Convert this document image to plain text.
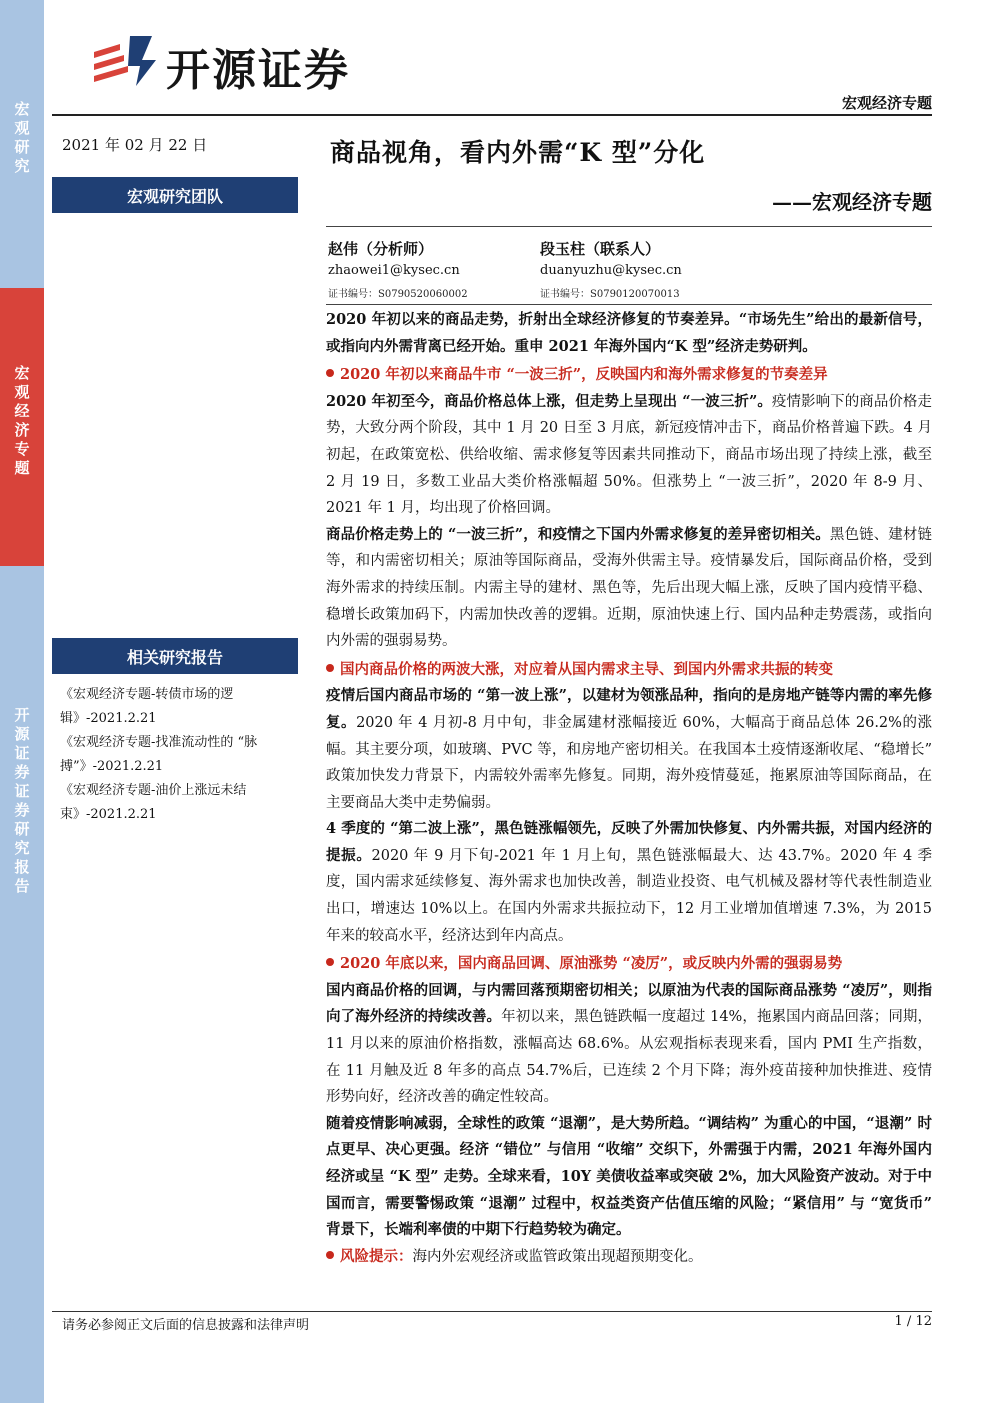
宏观研究
宏观经济专题
开源证券 证券研究报告
开源证券
宏观经济专题
2021 年 02 月 22 日	商品视角，看内外需“K 型”分化
宏观研究团队	——宏观经济专题
赵伟（分析师）
zhaowei1@kysec.cn
证书编号：S0790520060002
段玉柱（联系人）
duanyuzhu@kysec.cn
证书编号：S0790120070013
相关研究报告
《宏观经济专题-转债市场的逻辑》-2021.2.21
《宏观经济专题-找准流动性的 “脉搏”》-2021.2.21
《宏观经济专题-油价上涨远未结束》-2021.2.21

2020 年初以来的商品走势，折射出全球经济修复的节奏差异。“市场先生”给出的最新信号，或指向内外需背离已经开始。重申 2021 年海外国内“K 型”经济走势研判。

2020 年初以来商品牛市 “一波三折”，反映国内和海外需求修复的节奏差异

2020 年初至今，商品价格总体上涨，但走势上呈现出 “一波三折”。疫情影响下的商品价格走势，大致分两个阶段，其中 1 月 20 日至 3 月底，新冠疫情冲击下，商品价格普遍下跌。4 月初起，在政策宽松、供给收缩、需求修复等因素共同推动下，商品市场出现了持续上涨，截至 2 月 19 日，多数工业品大类价格涨幅超 50%。但涨势上 “一波三折”，2020 年 8-9 月、2021 年 1 月，均出现了价格回调。

商品价格走势上的 “一波三折”，和疫情之下国内外需求修复的差异密切相关。黑色链、建材链等，和内需密切相关；原油等国际商品，受海外供需主导。疫情暴发后，国际商品价格，受到海外需求的持续压制。内需主导的建材、黑色等，先后出现大幅上涨，反映了国内疫情平稳、稳增长政策加码下，内需加快改善的逻辑。近期，原油快速上行、国内品种走势震荡，或指向内外需的强弱易势。

国内商品价格的两波大涨，对应着从国内需求主导、到国内外需求共振的转变

疫情后国内商品市场的 “第一波上涨”，以建材为领涨品种，指向的是房地产链等内需的率先修复。2020 年 4 月初-8 月中旬，非金属建材涨幅接近 60%，大幅高于商品总体 26.2%的涨幅。其主要分项，如玻璃、PVC 等，和房地产密切相关。在我国本土疫情逐渐收尾、“稳增长” 政策加快发力背景下，内需较外需率先修复。同期，海外疫情蔓延，拖累原油等国际商品，在主要商品大类中走势偏弱。

4 季度的 “第二波上涨”，黑色链涨幅领先，反映了外需加快修复、内外需共振，对国内经济的提振。2020 年 9 月下旬-2021 年 1 月上旬，黑色链涨幅最大、达 43.7%。2020 年 4 季度，国内需求延续修复、海外需求也加快改善，制造业投资、电气机械及器材等代表性制造业出口，增速达 10%以上。在国内外需求共振拉动下，12 月工业增加值增速 7.3%，为 2015 年来的较高水平，经济达到年内高点。

2020 年底以来，国内商品回调、原油涨势 “凌厉”，或反映内外需的强弱易势

国内商品价格的回调，与内需回落预期密切相关；以原油为代表的国际商品涨势 “凌厉”，则指向了海外经济的持续改善。年初以来，黑色链跌幅一度超过 14%，拖累国内商品回落；同期，11 月以来的原油价格指数，涨幅高达 68.6%。从宏观指标表现来看，国内 PMI 生产指数，在 11 月触及近 8 年多的高点 54.7%后，已连续 2 个月下降；海外疫苗接种加快推进、疫情形势向好，经济改善的确定性较高。

随着疫情影响减弱，全球性的政策 “退潮”，是大势所趋。“调结构” 为重心的中国，“退潮” 时点更早、决心更强。经济 “错位” 与信用 “收缩” 交织下，外需强于内需，2021 年海外国内经济或呈 “K 型” 走势。全球来看，10Y 美债收益率或突破 2%，加大风险资产波动。对于中国而言，需要警惕政策 “退潮” 过程中，权益类资产估值压缩的风险；“紧信用” 与 “宽货币” 背景下，长端利率债的中期下行趋势较为确定。

风险提示：海内外宏观经济或监管政策出现超预期变化。

请务必参阅正文后面的信息披露和法律声明	1 / 12
